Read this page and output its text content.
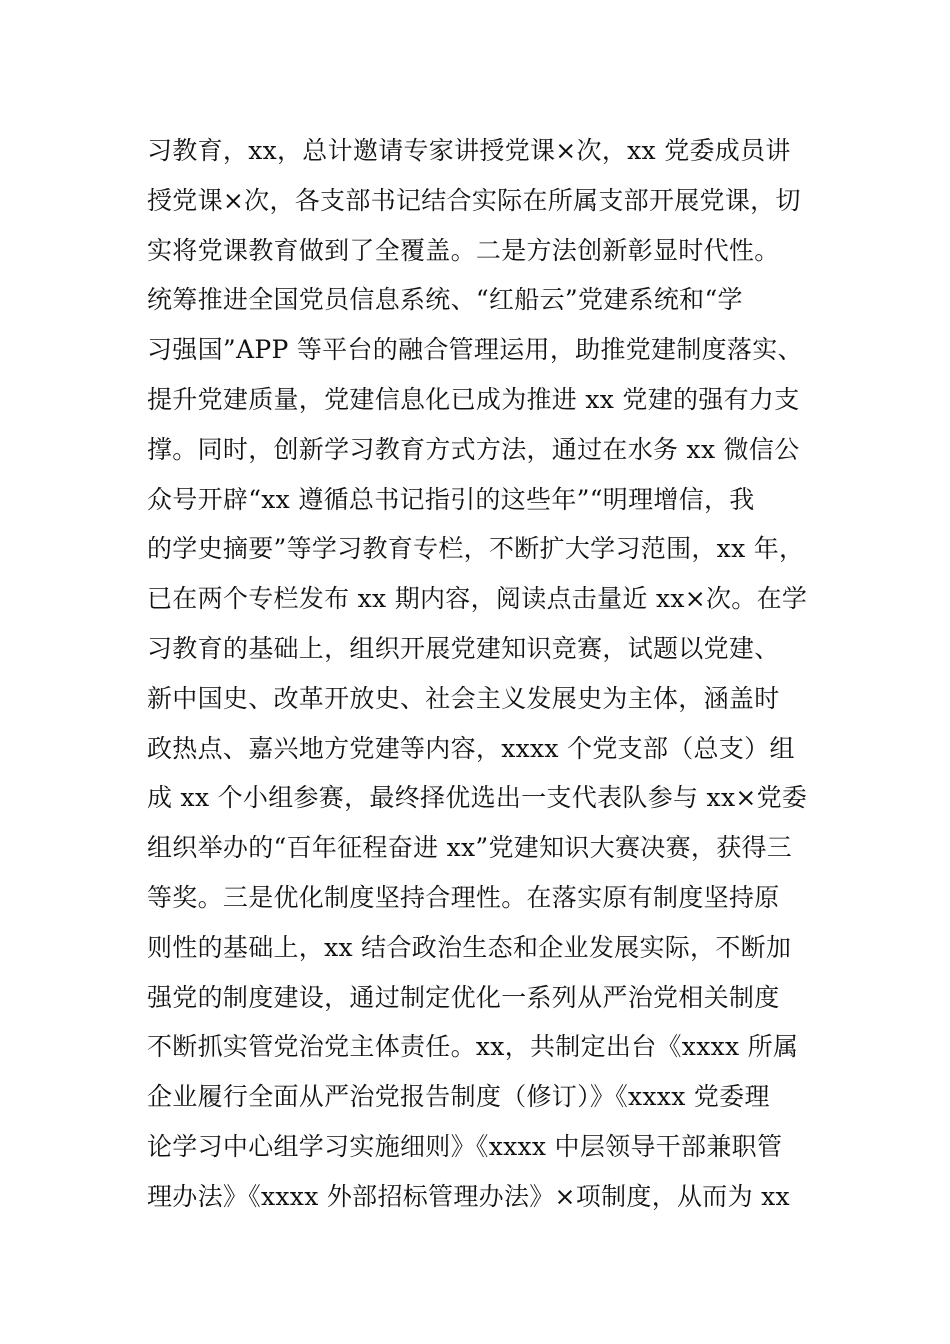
习教育，xx，总计邀请专家讲授党课×次，xx 党委成员讲
授党课×次，各支部书记结合实际在所属支部开展党课，切
实将党课教育做到了全覆盖。二是方法创新彰显时代性。
统筹推进全国党员信息系统、“红船云”党建系统和“学
习强国”APP 等平台的融合管理运用，助推党建制度落实、
提升党建质量，党建信息化已成为推进 xx 党建的强有力支
撑。同时，创新学习教育方式方法，通过在水务 xx 微信公
众号开辟“xx 遵循总书记指引的这些年”“明理增信，我
的学史摘要”等学习教育专栏，不断扩大学习范围，xx 年，
已在两个专栏发布 xx 期内容，阅读点击量近 xx×次。在学
习教育的基础上，组织开展党建知识竞赛，试题以党建、
新中国史、改革开放史、社会主义发展史为主体，涵盖时
政热点、嘉兴地方党建等内容，xxxx 个党支部（总支）组
成 xx 个小组参赛，最终择优选出一支代表队参与 xx×党委
组织举办的“百年征程奋进 xx”党建知识大赛决赛，获得三
等奖。三是优化制度坚持合理性。在落实原有制度坚持原
则性的基础上，xx 结合政治生态和企业发展实际，不断加
强党的制度建设，通过制定优化一系列从严治党相关制度
不断抓实管党治党主体责任。xx，共制定出台《xxxx 所属
企业履行全面从严治党报告制度（修订）》《xxxx 党委理
论学习中心组学习实施细则》《xxxx 中层领导干部兼职管
理办法》《xxxx 外部招标管理办法》×项制度，从而为 xx
